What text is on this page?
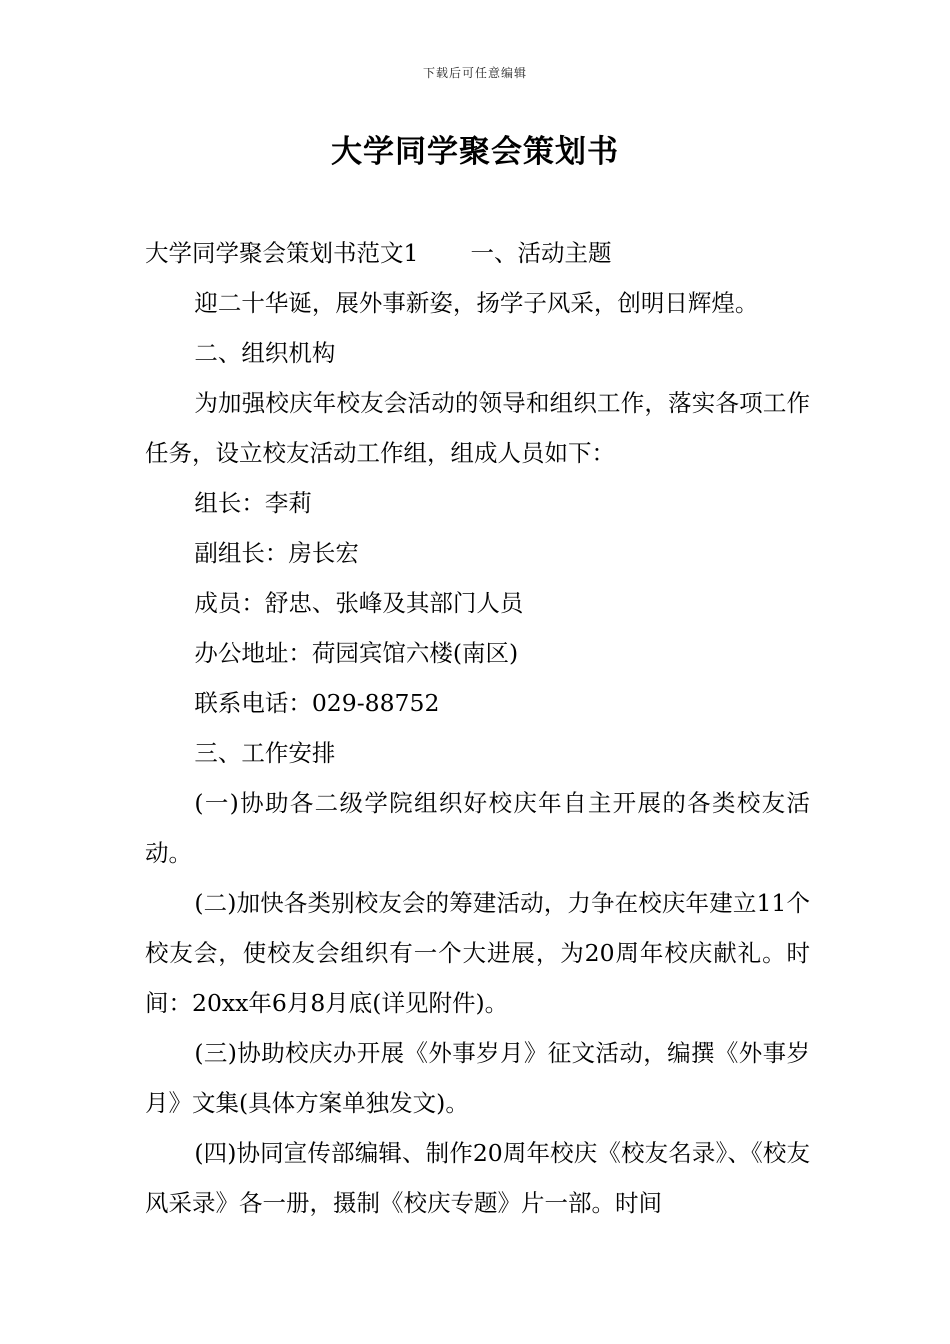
下载后可任意编辑
大学同学聚会策划书

大学同学聚会策划书范文1 一、活动主题

迎二十华诞，展外事新姿，扬学子风采，创明日辉煌。

二、组织机构

为加强校庆年校友会活动的领导和组织工作，落实各项工作任务，设立校友活动工作组，组成人员如下：

组长：李莉

副组长：房长宏

成员：舒忠、张峰及其部门人员

办公地址：荷园宾馆六楼(南区)

联系电话：029-88752

三、工作安排

(一)协助各二级学院组织好校庆年自主开展的各类校友活动。

(二)加快各类别校友会的筹建活动，力争在校庆年建立11个校友会，使校友会组织有一个大进展，为20周年校庆献礼。时间：20xx年6月8月底(详见附件)。

(三)协助校庆办开展《外事岁月》征文活动，编撰《外事岁月》文集(具体方案单独发文)。

(四)协同宣传部编辑、制作20周年校庆《校友名录》、《校友风采录》各一册，摄制《校庆专题》片一部。时间
